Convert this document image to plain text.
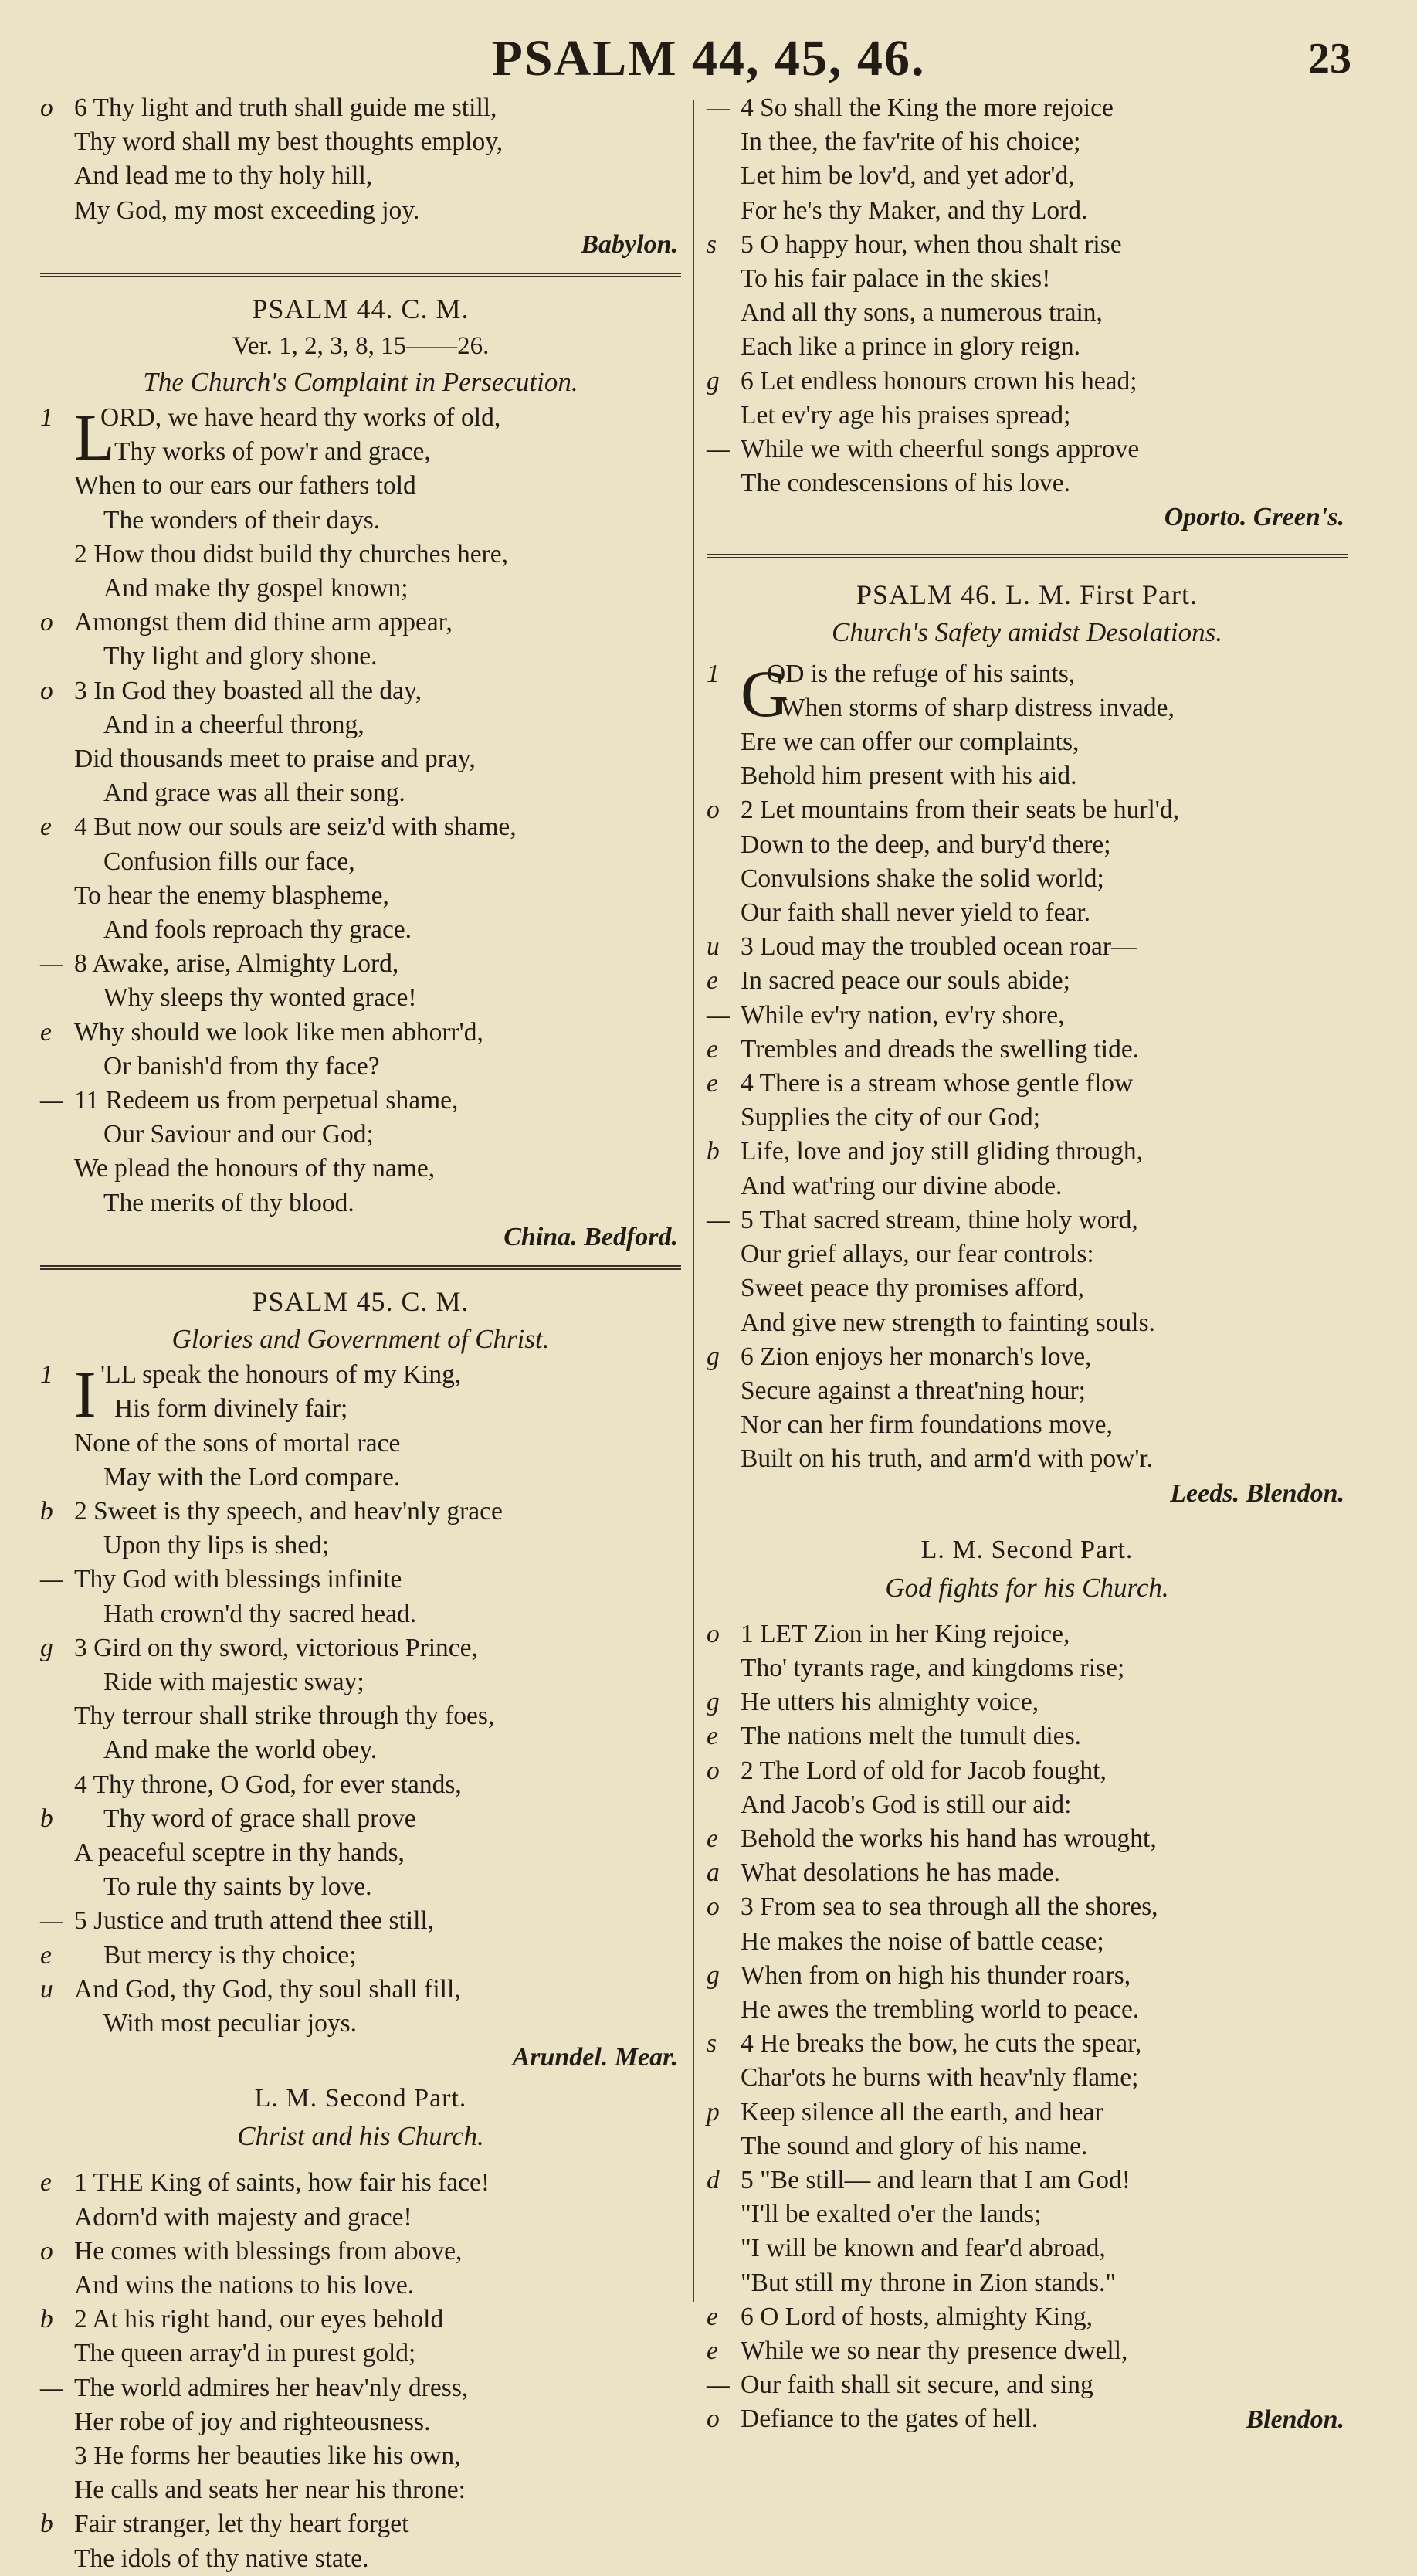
PSALM 44, 45, 46.	23
o 6 Thy light and truth shall guide me still,
Thy word shall my best thoughts employ,
And lead me to thy holy hill,
My God, my most exceeding joy.
Babylon.
PSALM 44. C. M.
Ver. 1, 2, 3, 8, 15——26.
The Church's Complaint in Persecution.
L
1	ORD, we have heard thy works of old,
Thy works of pow'r and grace,
When to our ears our fathers told
The wonders of their days.
2 How thou didst build thy churches here,
And make thy gospel known;
o Amongst them did thine arm appear,
Thy light and glory shone.
o 3 In God they boasted all the day,
And in a cheerful throng,
Did thousands meet to praise and pray,
And grace was all their song.
e 4 But now our souls are seiz'd with shame,
Confusion fills our face,
To hear the enemy blaspheme,
And fools reproach thy grace.
— 8 Awake, arise, Almighty Lord,
Why sleeps thy wonted grace!
e Why should we look like men abhorr'd,
Or banish'd from thy face?
— 11 Redeem us from perpetual shame,
Our Saviour and our God;
We plead the honours of thy name,
The merits of thy blood.
China. Bedford.
PSALM 45. C. M.
Glories and Government of Christ.
I
1	'LL speak the honours of my King,
His form divinely fair;
None of the sons of mortal race
May with the Lord compare.
b 2 Sweet is thy speech, and heav'nly grace
Upon thy lips is shed;
— Thy God with blessings infinite
Hath crown'd thy sacred head.
g 3 Gird on thy sword, victorious Prince,
Ride with majestic sway;
Thy terrour shall strike through thy foes,
And make the world obey.
4 Thy throne, O God, for ever stands,
b	Thy word of grace shall prove
A peaceful sceptre in thy hands,
To rule thy saints by love.
— 5 Justice and truth attend thee still,
e	But mercy is thy choice;
u And God, thy God, thy soul shall fill,
With most peculiar joys.
Arundel. Mear.
L. M. Second Part.
Christ and his Church.
e 1 THE King of saints, how fair his face!
Adorn'd with majesty and grace!
o He comes with blessings from above,
And wins the nations to his love.
b 2 At his right hand, our eyes behold
The queen array'd in purest gold;
— The world admires her heav'nly dress,
Her robe of joy and righteousness.
3 He forms her beauties like his own,
He calls and seats her near his throne:
b Fair stranger, let thy heart forget
The idols of thy native state.
— 4 So shall the King the more rejoice
In thee, the fav'rite of his choice;
Let him be lov'd, and yet ador'd,
For he's thy Maker, and thy Lord.
s 5 O happy hour, when thou shalt rise
To his fair palace in the skies!
And all thy sons, a numerous train,
Each like a prince in glory reign.
g 6 Let endless honours crown his head;
Let ev'ry age his praises spread;
— While we with cheerful songs approve
The condescensions of his love.
Oporto. Green's.
PSALM 46. L. M. First Part.
Church's Safety amidst Desolations.
G
1	OD is the refuge of his saints,
When storms of sharp distress invade,
Ere we can offer our complaints,
Behold him present with his aid.
o 2 Let mountains from their seats be hurl'd,
Down to the deep, and bury'd there;
Convulsions shake the solid world;
Our faith shall never yield to fear.
u 3 Loud may the troubled ocean roar—
e In sacred peace our souls abide;
— While ev'ry nation, ev'ry shore,
e Trembles and dreads the swelling tide.
e 4 There is a stream whose gentle flow
Supplies the city of our God;
b Life, love and joy still gliding through,
And wat'ring our divine abode.
— 5 That sacred stream, thine holy word,
Our grief allays, our fear controls:
Sweet peace thy promises afford,
And give new strength to fainting souls.
g 6 Zion enjoys her monarch's love,
Secure against a threat'ning hour;
Nor can her firm foundations move,
Built on his truth, and arm'd with pow'r.
Leeds. Blendon.
L. M. Second Part.
God fights for his Church.
o 1 LET Zion in her King rejoice,
Tho' tyrants rage, and kingdoms rise;
g He utters his almighty voice,
e The nations melt the tumult dies.
o 2 The Lord of old for Jacob fought,
And Jacob's God is still our aid:
e Behold the works his hand has wrought,
a What desolations he has made.
o 3 From sea to sea through all the shores,
He makes the noise of battle cease;
g When from on high his thunder roars,
He awes the trembling world to peace.
s 4 He breaks the bow, he cuts the spear,
Char'ots he burns with heav'nly flame;
p Keep silence all the earth, and hear
The sound and glory of his name.
d 5 "Be still— and learn that I am God!
"I'll be exalted o'er the lands;
"I will be known and fear'd abroad,
"But still my throne in Zion stands."
e 6 O Lord of hosts, almighty King,
e While we so near thy presence dwell,
— Our faith shall sit secure, and sing
o Defiance to the gates of hell.	Blendon.
